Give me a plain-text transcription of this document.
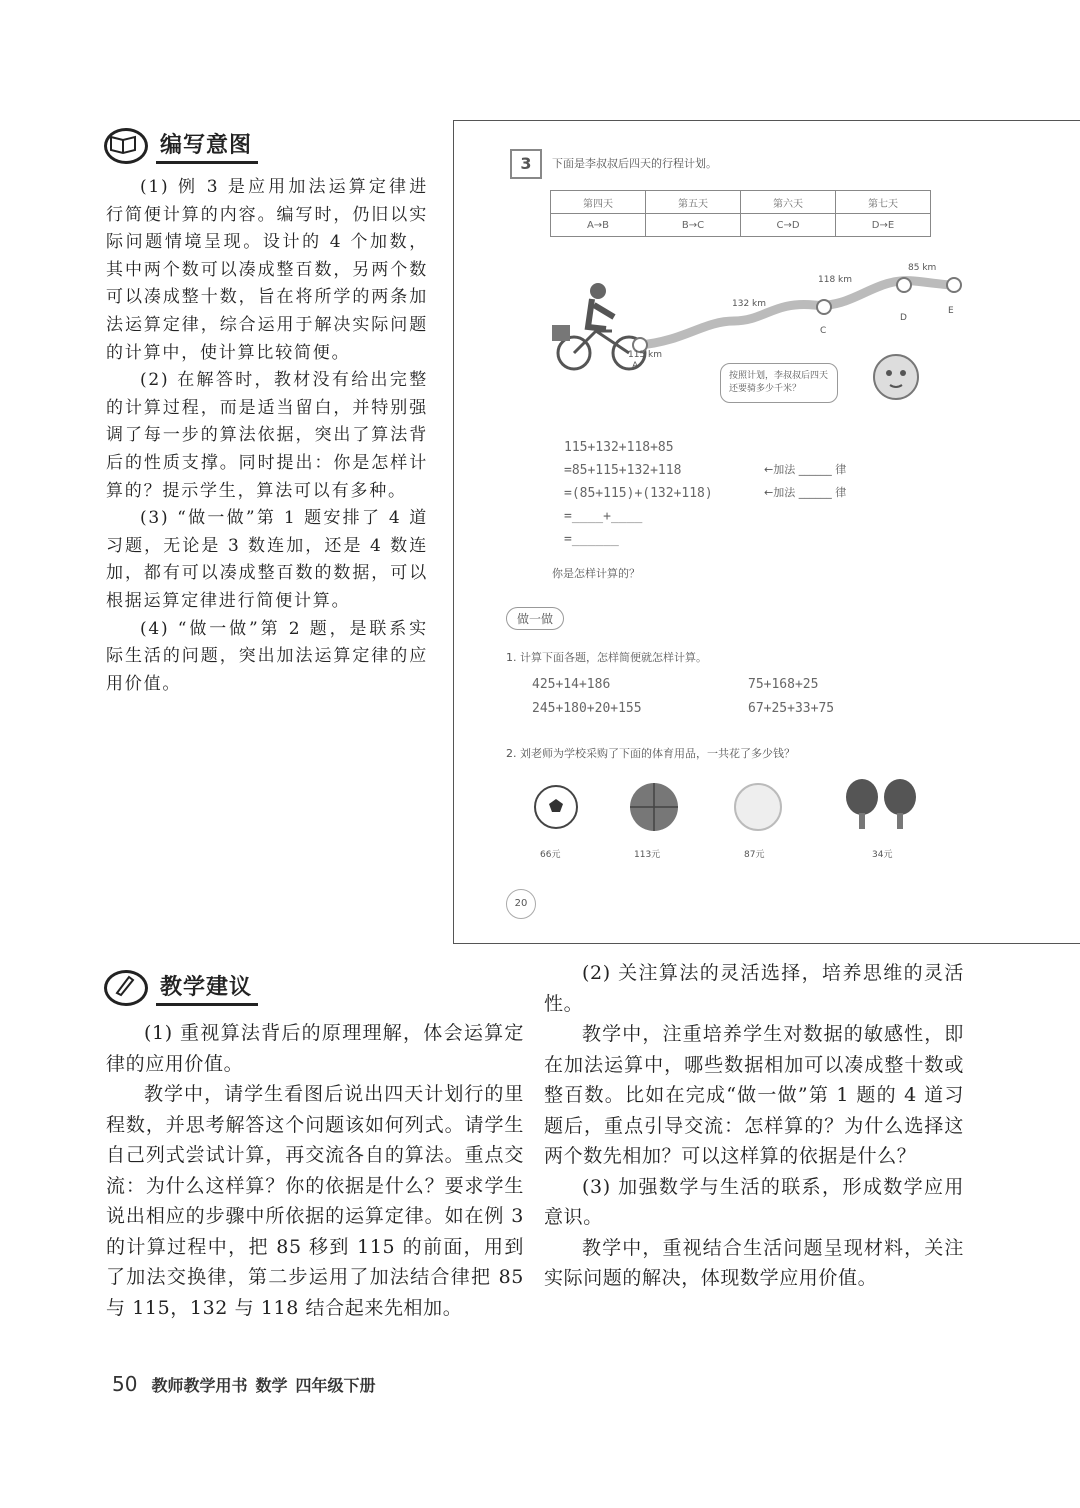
编写意图

(1) 例 3 是应用加法运算定律进行简便计算的内容。编写时，仍旧以实际问题情境呈现。设计的 4 个加数，其中两个数可以凑成整百数，另两个数可以凑成整十数，旨在将所学的两条加法运算定律，综合运用于解决实际问题的计算中，使计算比较简便。

(2) 在解答时，教材没有给出完整的计算过程，而是适当留白，并特别强调了每一步的算法依据，突出了算法背后的性质支撑。同时提出：你是怎样计算的？提示学生，算法可以有多种。

(3) “做一做”第 1 题安排了 4 道习题，无论是 3 数连加，还是 4 数连加，都有可以凑成整百数的数据，可以根据运算定律进行简便计算。

(4) “做一做”第 2 题，是联系实际生活的问题，突出加法运算定律的应用价值。

3	下面是李叔叔后四天的行程计划。
第四天	第五天	第六天	第七天
A→B	B→C	C→D	D→E
115 km
132 km
118 km
85 km
A
C
D
E
按照计划，李叔叔后四天还要骑多少千米？
115+132+118+85
=85+115+132+118
=(85+115)+(132+118)
=____+____
=______
←加法 ______ 律
←加法 ______ 律
你是怎样计算的？
做一做
1. 计算下面各题，怎样简便就怎样计算。
425+14+186	75+168+25
245+180+20+155	67+25+33+75
2. 刘老师为学校采购了下面的体育用品，一共花了多少钱？
66元	113元	87元	34元
20
教学建议

(1) 重视算法背后的原理理解，体会运算定律的应用价值。

教学中，请学生看图后说出四天计划行的里程数，并思考解答这个问题该如何列式。请学生自己列式尝试计算，再交流各自的算法。重点交流：为什么这样算？你的依据是什么？要求学生说出相应的步骤中所依据的运算定律。如在例 3 的计算过程中，把 85 移到 115 的前面，用到了加法交换律，第二步运用了加法结合律把 85 与 115，132 与 118 结合起来先相加。

(2) 关注算法的灵活选择，培养思维的灵活性。

教学中，注重培养学生对数据的敏感性，即在加法运算中，哪些数据相加可以凑成整十数或整百数。比如在完成“做一做”第 1 题的 4 道习题后，重点引导交流：怎样算的？为什么选择这两个数先相加？可以这样算的依据是什么？

(3) 加强数学与生活的联系，形成数学应用意识。

教学中，重视结合生活问题呈现材料，关注实际问题的解决，体现数学应用价值。

50 教师教学用书 数学 四年级下册
